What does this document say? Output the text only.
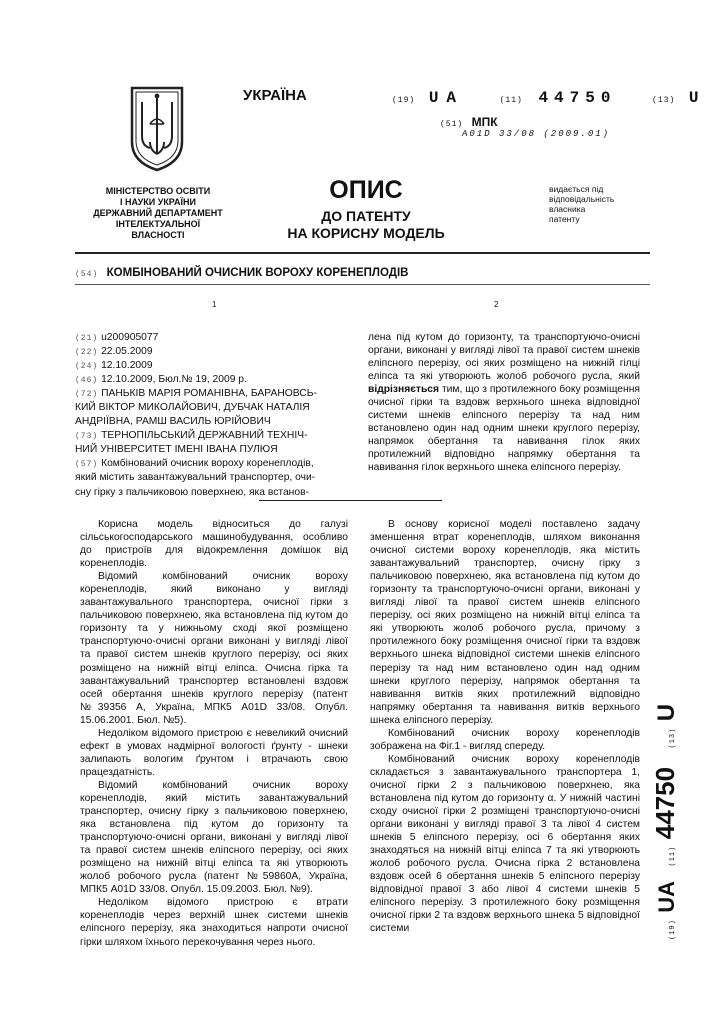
МІНІСТЕРСТВО ОСВІТИ
І НАУКИ УКРАЇНИ
ДЕРЖАВНИЙ ДЕПАРТАМЕНТ
ІНТЕЛЕКТУАЛЬНОЇ
ВЛАСНОСТІ
УКРАЇНА	(19) UA	(11) 44750	(13) U
(51) МПК
A01D 33/08 (2009.01)
ОПИС
ДО ПАТЕНТУ
НА КОРИСНУ МОДЕЛЬ
видається під
відповідальність
власника
патенту
(54) КОМБІНОВАНИЙ ОЧИСНИК ВОРОХУ КОРЕНЕПЛОДІВ
1	2
(21) u200905077
(22) 22.05.2009
(24) 12.10.2009
(46) 12.10.2009, Бюл.№ 19, 2009 р.
(72) ПАНЬКІВ МАРІЯ РОМАНІВНА, БАРАНОВСЬ-
КИЙ ВІКТОР МИКОЛАЙОВИЧ, ДУБЧАК НАТАЛІЯ
АНДРІЇВНА, РАМШ ВАСИЛЬ ЮРІЙОВИЧ
(73) ТЕРНОПІЛЬСЬКИЙ ДЕРЖАВНИЙ ТЕХНІЧ-
НИЙ УНІВЕРСИТЕТ ІМЕНІ ІВАНА ПУЛЮЯ
(57) Комбінований очисник вороху коренеплодів,
який містить завантажувальний транспортер, очи-
сну гірку з пальчиковою поверхнею, яка встанов-
лена під кутом до горизонту, та транспортуючо-очисні органи, виконані у вигляді лівої та правої систем шнеків еліпсного перерізу, осі яких розміщено на нижній гілці еліпса та які утворюють жолоб робочого русла, який відрізняється тим, що з протилежного боку розміщення очисної гірки та вздовж верхнього шнека відповідної системи шнеків еліпсного перерізу та над ним встановлено один над одним шнеки круглого перерізу, напрямок обертання та навивання гілок яких протилежний відповідно напрямку обертання та навивання гілок верхнього шнека еліпсного перерізу.

Корисна модель відноситься до галузі сільськогосподарського машинобудування, особливо до пристроїв для відокремлення домішок від коренеплодів.

Відомий комбінований очисник вороху коренеплодів, який виконано у вигляді завантажувального транспортера, очисної гірки з пальчиковою поверхнею, яка встановлена під кутом до горизонту та у нижньому сході якої розміщено транспортуючо-очисні органи виконані у вигляді лівої та правої систем шнеків круглого перерізу, осі яких розміщено на нижній вітці еліпса. Очисна гірка та завантажувальний транспортер встановлені вздовж осей обертання шнеків круглого перерізу (патент №39356 А, Україна, МПК5 А01D 33/08. Опубл. 15.06.2001. Бюл. №5).

Недоліком відомого пристрою є невеликий очисний ефект в умовах надмірної вологості ґрунту - шнеки залипають вологим ґрунтом і втрачають свою працездатність.

Відомий комбінований очисник вороху коренеплодів, який містить завантажувальний транспортер, очисну гірку з пальчиковою поверхнею, яка встановлена під кутом до горизонту та транспортуючо-очисні органи, виконані у вигляді лівої та правої систем шнеків еліпсного перерізу, осі яких розміщено на нижній вітці еліпса та які утворюють жолоб робочого русла (патент №59860А, Україна, МПК5 А01D 33/08. Опубл. 15.09.2003. Бюл. №9).

Недоліком відомого пристрою є втрати коренеплодів через верхній шнек системи шнеків еліпсного перерізу, яка знаходиться напроти очисної гірки шляхом їхнього перекочування через нього.

В основу корисної моделі поставлено задачу зменшення втрат коренеплодів, шляхом виконання очисної системи вороху коренеплодів, яка містить завантажувальний транспортер, очисну гірку з пальчиковою поверхнею, яка встановлена під кутом до горизонту та транспортуючо-очисні органи, виконані у вигляді лівої та правої систем шнеків еліпсного перерізу, осі яких розміщено на нижній вітці еліпса та які утворюють жолоб робочого русла, причому з протилежного боку розміщення очисної гірки та вздовж верхнього шнека відповідної системи шнеків еліпсного перерізу та над ним встановлено один над одним шнеки круглого перерізу, напрямок обертання та навивання витків яких протилежний відповідно напрямку обертання та навивання витків верхнього шнека еліпсного перерізу.

Комбінований очисник вороху коренеплодів зображена на Фіг.1 - вигляд спереду.

Комбінований очисник вороху коренеплодів складається з завантажувального транспортера 1, очисної гірки 2 з пальчиковою поверхнею, яка встановлена під кутом до горизонту α. У нижній частині сходу очисної гірки 2 розміщені транспортуючо-очисні органи виконані у вигляді правої 3 та лівої 4 систем шнеків 5 еліпсного перерізу, осі 6 обертання яких знаходяться на нижній вітці еліпса 7 та які утворюють жолоб робочого русла. Очисна гірка 2 встановлена вздовж осей 6 обертання шнеків 5 еліпсного перерізу відповідної правої 3 або лівої 4 системи шнеків 5 еліпсного перерізу. З протилежного боку розміщення очисної гірки 2 та вздовж верхнього шнека 5 відповідної системи	(19) UA (11) 44750 (13) U
